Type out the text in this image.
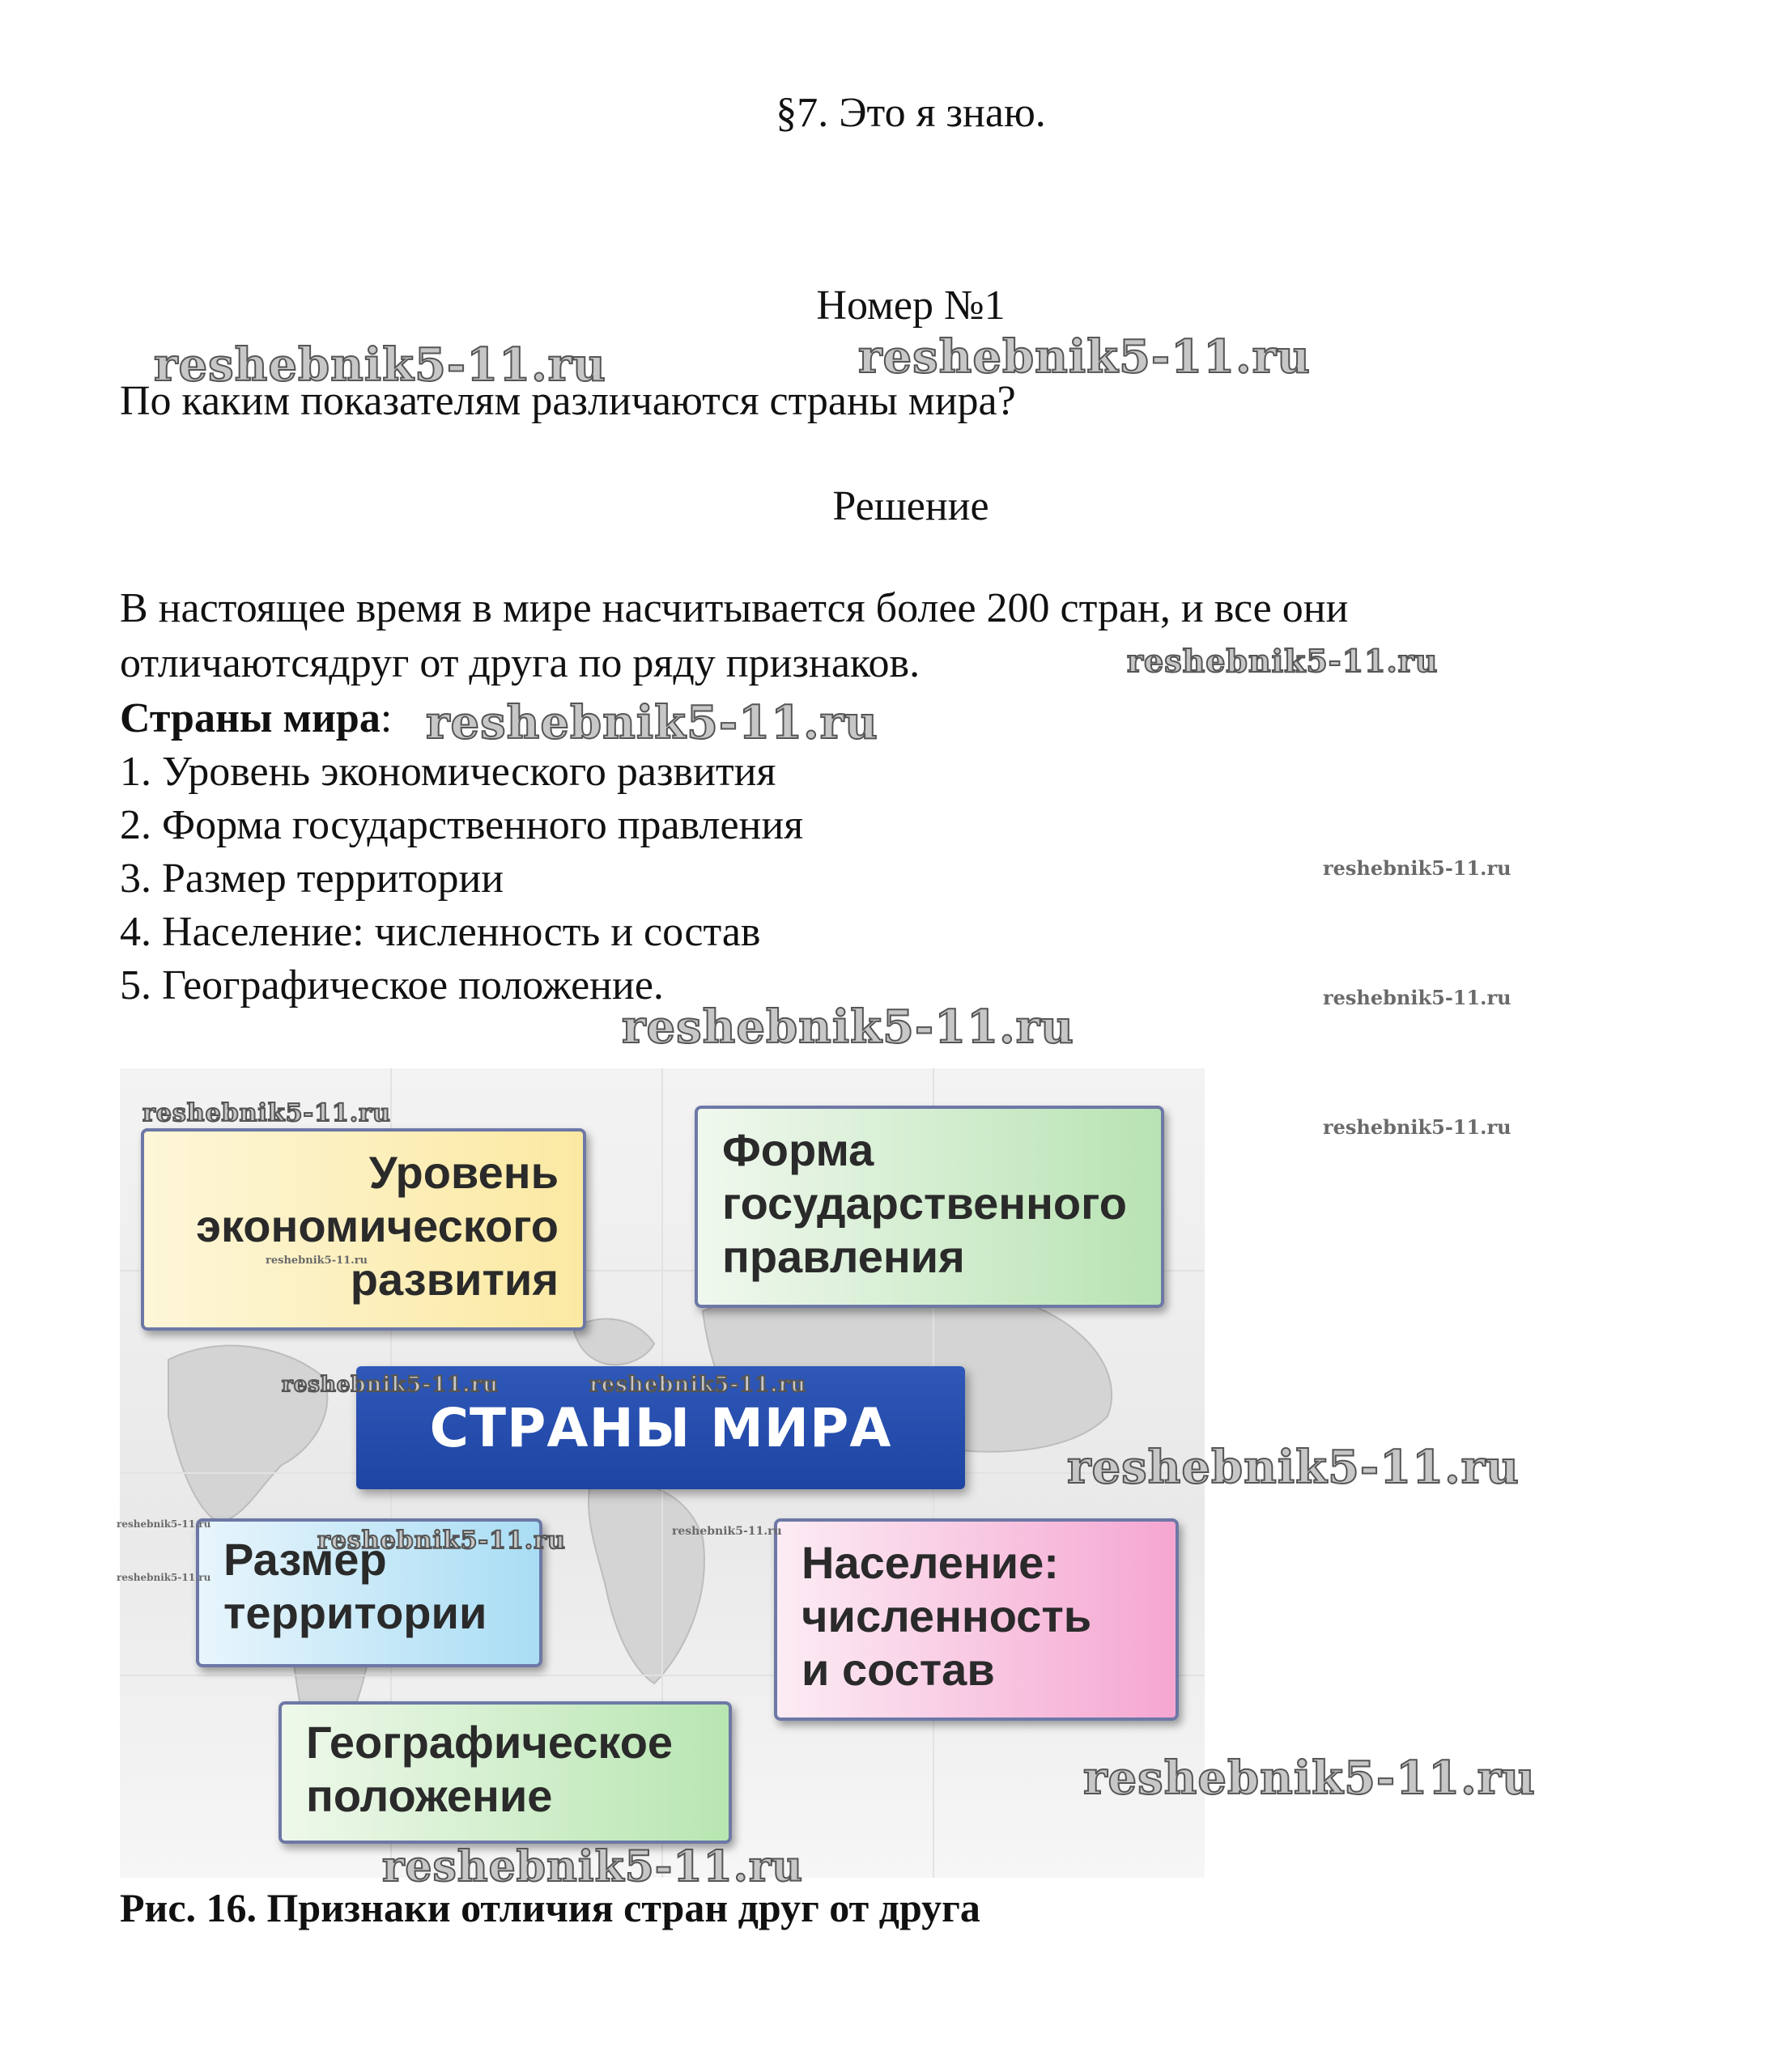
§7. Это я знаю.
Номер №1
По каким показателям различаются страны мира?
Решение
В настоящее время в мире насчитывается более 200 стран, и все они
отличаютсядруг от друга по ряду признаков.
Страны мира:
1. Уровень экономического развития
2. Форма государственного правления
3. Размер территории
4. Население: численность и состав
5. Географическое положение.
Уровень
экономического
развития
Форма
государственного
правления
СТРАНЫ МИРА
Размер
территории
Население:
численность
и состав
Географическое
положение
Рис. 16. Признаки отличия стран друг от друга
reshebnik5-11.ru	reshebnik5-11.ru
reshebnik5-11.ru
reshebnik5-11.ru
reshebnik5-11.ru
reshebnik5-11.ru
reshebnik5-11.ru
reshebnik5-11.ru
reshebnik5-11.ru
reshebnik5-11.ru
reshebnik5-11.ru	reshebnik5-11.ru
reshebnik5-11.ru
reshebnik5-11.ru
reshebnik5-11.ru
reshebnik5-11.ru
reshebnik5-11.ru
reshebnik5-11.ru
reshebnik5-11.ru
